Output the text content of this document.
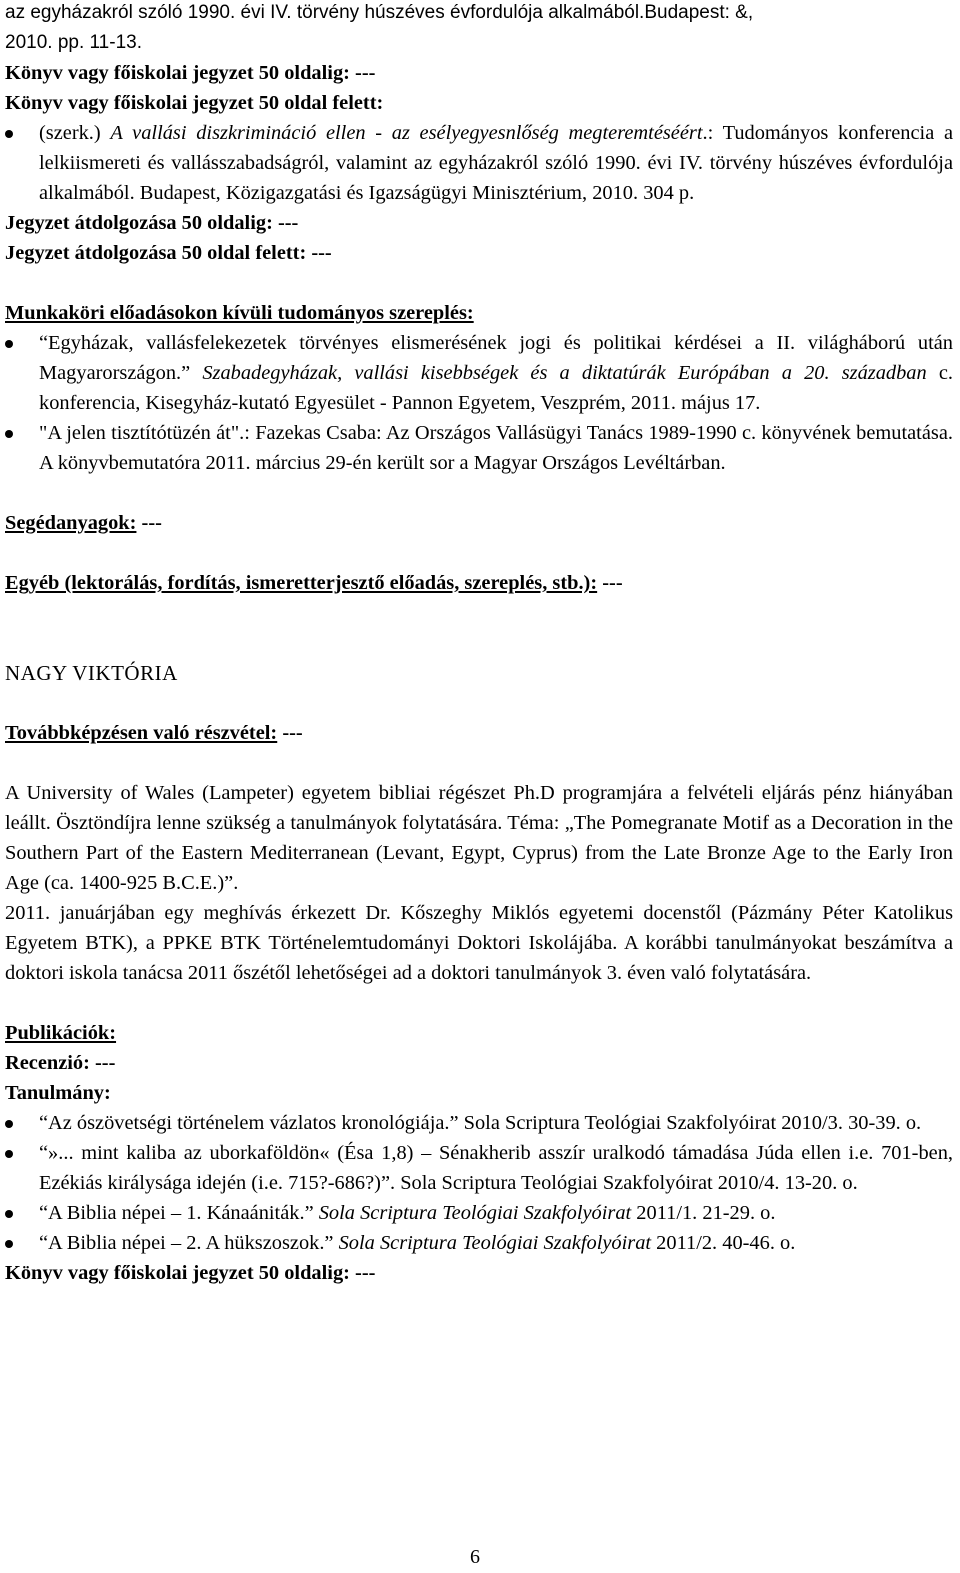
az egyházakról szóló 1990. évi IV. törvény húszéves évfordulója alkalmából.Budapest: &,
2010. pp. 11-13.

Könyv vagy főiskolai jegyzet 50 oldalig: ---

Könyv vagy főiskolai jegyzet 50 oldal felett:

(szerk.) A vallási diszkrimináció ellen - az esélyegyesnlőség megteremtéséért.: Tudományos konferencia a lelkiismereti és vallásszabadságról, valamint az egyházakról szóló 1990. évi IV. törvény húszéves évfordulója alkalmából. Budapest, Közigazgatási és Igazságügyi Minisztérium, 2010. 304 p.

Jegyzet átdolgozása 50 oldalig: ---

Jegyzet átdolgozása 50 oldal felett: ---

Munkaköri előadásokon kívüli tudományos szereplés:

“Egyházak, vallásfelekezetek törvényes elismerésének jogi és politikai kérdései a II. világháború után Magyarországon.” Szabadegyházak, vallási kisebbségek és a diktatúrák Európában a 20. században c. konferencia, Kisegyház-kutató Egyesület - Pannon Egyetem, Veszprém, 2011. május 17.
"A jelen tisztítótüzén át".: Fazekas Csaba: Az Országos Vallásügyi Tanács 1989-1990 c. könyvének bemutatása. A könyvbemutatóra 2011. március 29-én került sor a Magyar Országos Levéltárban.

Segédanyagok: ---

Egyéb (lektorálás, fordítás, ismeretterjesztő előadás, szereplés, stb.): ---

NAGY VIKTÓRIA

Továbbképzésen való részvétel: ---

A University of Wales (Lampeter) egyetem bibliai régészet Ph.D programjára a felvételi eljárás pénz hiányában leállt. Ösztöndíjra lenne szükség a tanulmányok folytatására. Téma: „The Pomegranate Motif as a Decoration in the Southern Part of the Eastern Mediterranean (Levant, Egypt, Cyprus) from the Late Bronze Age to the Early Iron Age (ca. 1400-925 B.C.E.)”.

2011. januárjában egy meghívás érkezett Dr. Kőszeghy Miklós egyetemi docenstől (Pázmány Péter Katolikus Egyetem BTK), a PPKE BTK Történelemtudományi Doktori Iskolájába. A korábbi tanulmányokat beszámítva a doktori iskola tanácsa 2011 őszétől lehetőségei ad a doktori tanulmányok 3. éven való folytatására.

Publikációk:

Recenzió: ---

Tanulmány:

“Az ószövetségi történelem vázlatos kronológiája.” Sola Scriptura Teológiai Szakfolyóirat 2010/3. 30-39. o.
“»... mint kaliba az uborkaföldön« (Ésa 1,8) – Sénakherib asszír uralkodó támadása Júda ellen i.e. 701-ben, Ezékiás királysága idején (i.e. 715?-686?)”. Sola Scriptura Teológiai Szakfolyóirat 2010/4. 13-20. o.
“A Biblia népei – 1. Kánaániták.” Sola Scriptura Teológiai Szakfolyóirat 2011/1. 21-29. o.
“A Biblia népei – 2. A hükszoszok.” Sola Scriptura Teológiai Szakfolyóirat 2011/2. 40-46. o.

Könyv vagy főiskolai jegyzet 50 oldalig: ---

6
